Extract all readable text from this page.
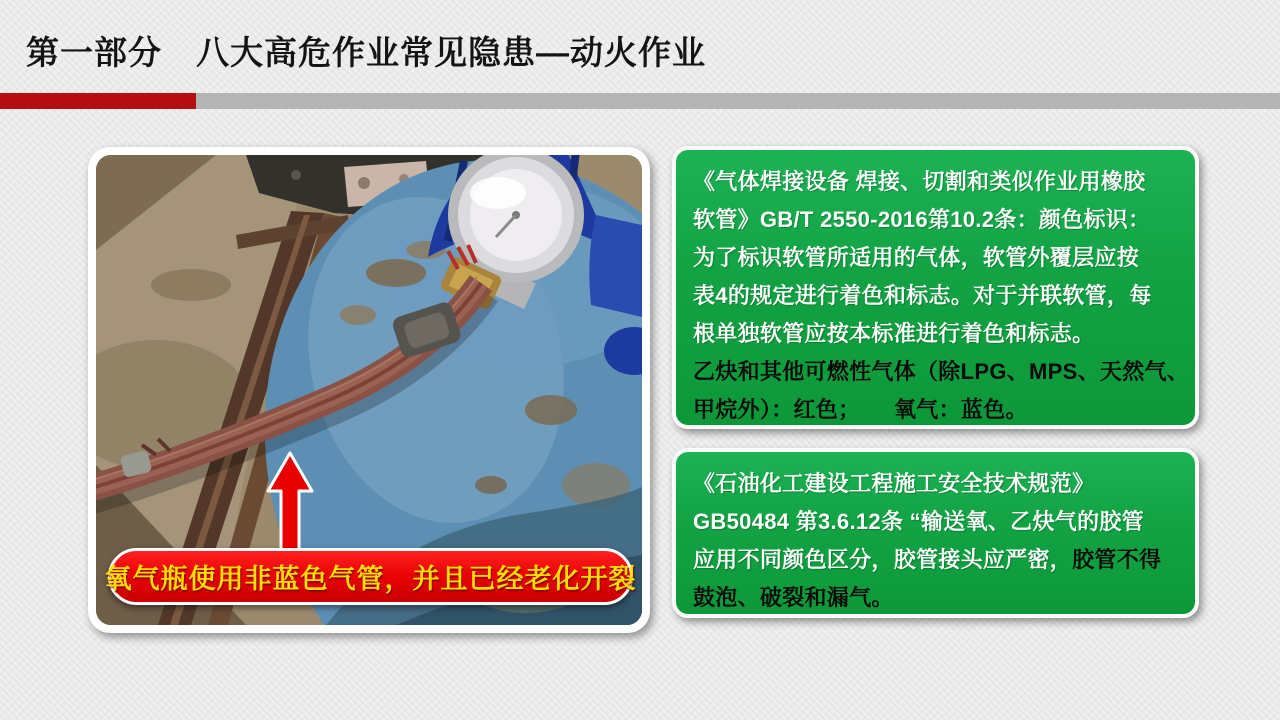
第一部分　八大高危作业常见隐患—动火作业
氧气瓶使用非蓝色气管，并且已经老化开裂
《气体焊接设备 焊接、切割和类似作业用橡胶
软管》GB/T 2550-2016第10.2条：颜色标识：
为了标识软管所适用的气体，软管外覆层应按
表4的规定进行着色和标志。对于并联软管，每
根单独软管应按本标准进行着色和标志。
乙炔和其他可燃性气体（除LPG、MPS、天然气、
甲烷外）：红色；　　氧气：蓝色。
《石油化工建设工程施工安全技术规范》
GB50484 第3.6.12条 “输送氧、乙炔气的胶管
应用不同颜色区分，胶管接头应严密，胶管不得
鼓泡、破裂和漏气。
